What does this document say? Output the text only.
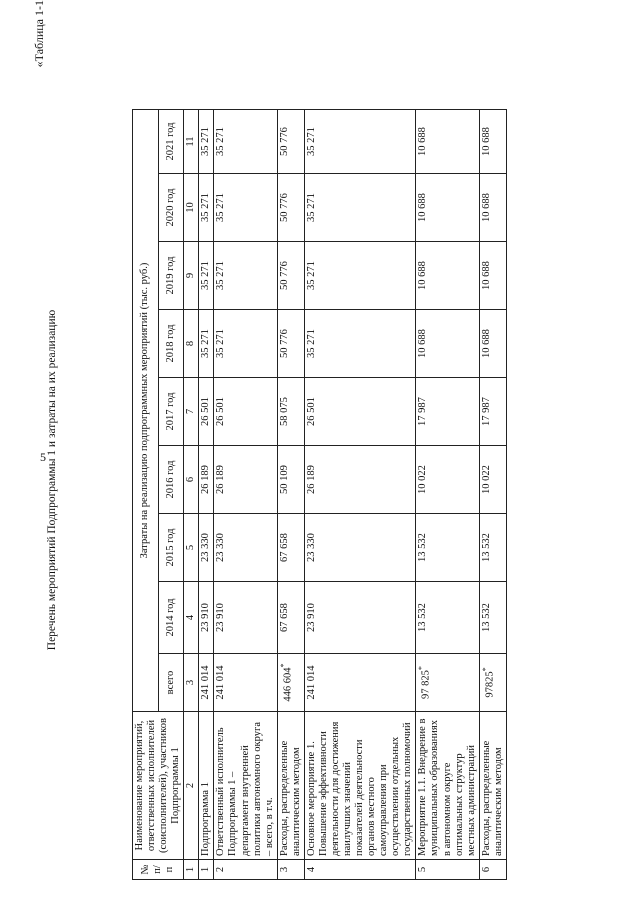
5
«Таблица 1-1
Перечень мероприятий Подпрограммы 1 и затраты на их реализацию
№ п/п	Наименование мероприятий, ответственных исполнителей (соисполнителей), участников Подпрограммы 1	Затраты на реализацию подпрограммных мероприятий (тыс. руб.)								
		всего	2014 год	2015 год	2016 год	2017 год	2018 год	2019 год	2020 год	2021 год
1	2	3	4	5	6	7	8	9	10	11
1	Подпрограмма 1	241 014	23 910	23 330	26 189	26 501	35 271	35 271	35 271	35 271
2	Ответственный исполнитель Подпрограммы 1 – департамент внутренней политики автономного округа – всего, в т.ч.	241 014	23 910	23 330	26 189	26 501	35 271	35 271	35 271	35 271
3	Расходы, распределенные аналитическим методом	446 604*	67 658	67 658	50 109	58 075	50 776	50 776	50 776	50 776
4	Основное мероприятие 1. Повышение эффективности деятельности для достижения наилучших значений показателей деятельности органов местного самоуправления при осуществлении отдельных государственных полномочий	241 014	23 910	23 330	26 189	26 501	35 271	35 271	35 271	35 271
5	Мероприятие 1.1. Внедрение в муниципальных образованиях в автономном округе оптимальных структур местных администраций	97 825*	13 532	13 532	10 022	17 987	10 688	10 688	10 688	10 688
6	Расходы, распределенные аналитическим методом	97825*	13 532	13 532	10 022	17 987	10 688	10 688	10 688	10 688
